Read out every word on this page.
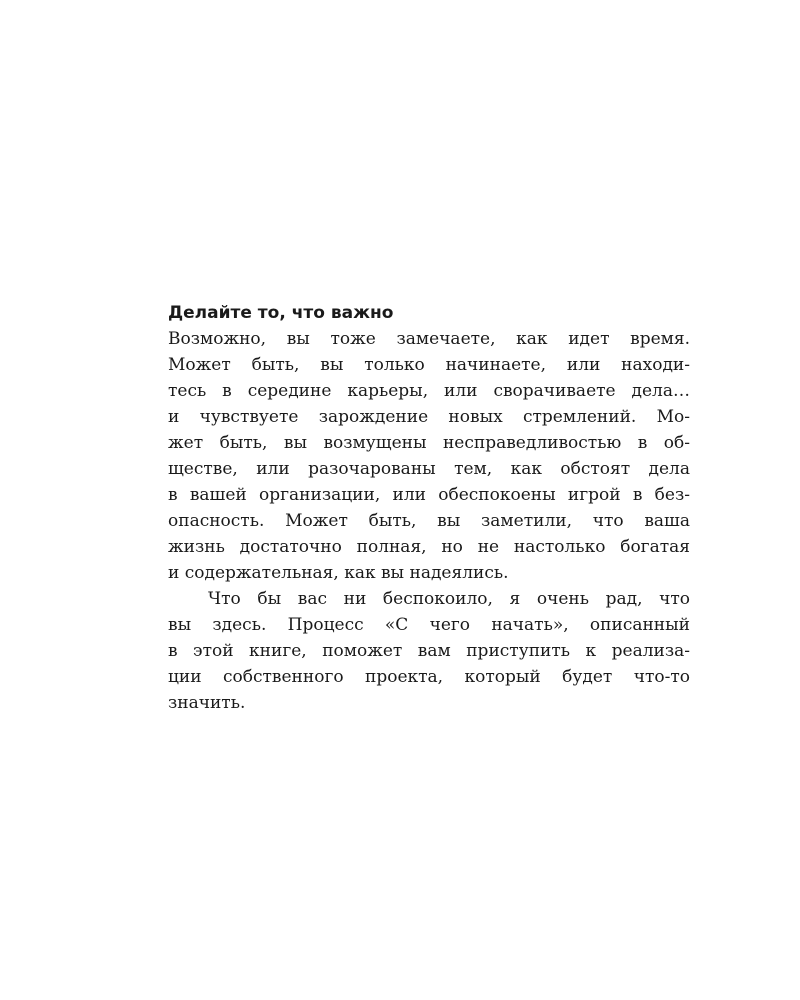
Делайте то, что важно
Возможно, вы тоже замечаете, как идет время.
Может быть, вы только начинаете, или находи-
тесь в середине карьеры, или сворачиваете дела…
и чувствуете зарождение новых стремлений. Мо-
жет быть, вы возмущены несправедливостью в об-
ществе, или разочарованы тем, как обстоят дела
в вашей организации, или обеспокоены игрой в без-
опасность. Может быть, вы заметили, что ваша
жизнь достаточно полная, но не настолько богатая
и содержательная, как вы надеялись.
Что бы вас ни беспокоило, я очень рад, что
вы здесь. Процесс «С чего начать», описанный
в этой книге, поможет вам приступить к реализа-
ции собственного проекта, который будет что-то
значить.
